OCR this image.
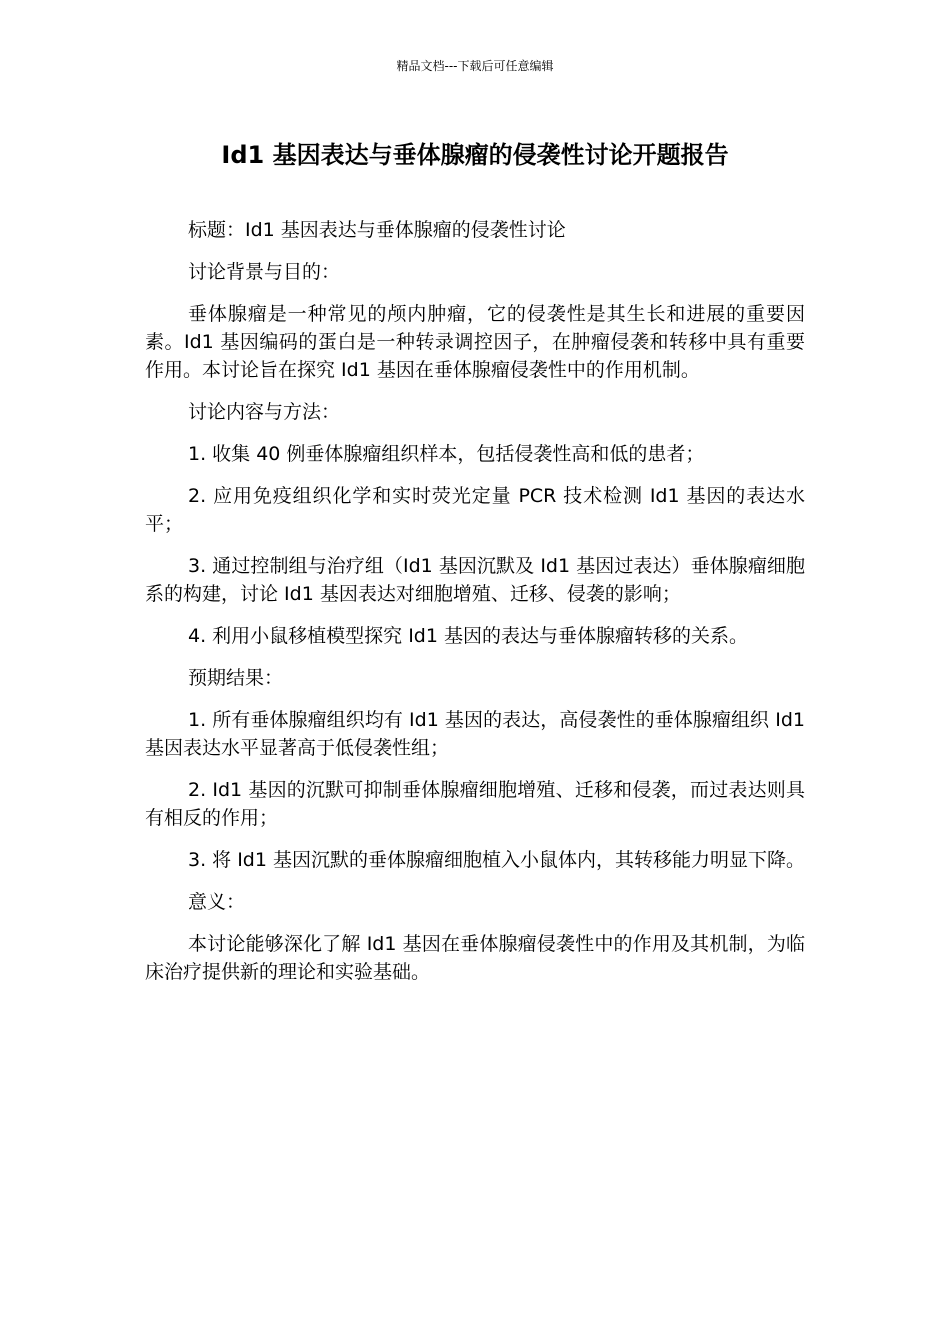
精品文档---下载后可任意编辑
Id1 基因表达与垂体腺瘤的侵袭性讨论开题报告

标题：Id1 基因表达与垂体腺瘤的侵袭性讨论

讨论背景与目的：

垂体腺瘤是一种常见的颅内肿瘤，它的侵袭性是其生长和进展的重要因素。Id1 基因编码的蛋白是一种转录调控因子，在肿瘤侵袭和转移中具有重要作用。本讨论旨在探究 Id1 基因在垂体腺瘤侵袭性中的作用机制。

讨论内容与方法：

1. 收集 40 例垂体腺瘤组织样本，包括侵袭性高和低的患者；

2. 应用免疫组织化学和实时荧光定量 PCR 技术检测 Id1 基因的表达水平；

3. 通过控制组与治疗组（Id1 基因沉默及 Id1 基因过表达）垂体腺瘤细胞系的构建，讨论 Id1 基因表达对细胞增殖、迁移、侵袭的影响；

4. 利用小鼠移植模型探究 Id1 基因的表达与垂体腺瘤转移的关系。

预期结果：

1. 所有垂体腺瘤组织均有 Id1 基因的表达，高侵袭性的垂体腺瘤组织 Id1 基因表达水平显著高于低侵袭性组；

2. Id1 基因的沉默可抑制垂体腺瘤细胞增殖、迁移和侵袭，而过表达则具有相反的作用；

3. 将 Id1 基因沉默的垂体腺瘤细胞植入小鼠体内，其转移能力明显下降。

意义：

本讨论能够深化了解 Id1 基因在垂体腺瘤侵袭性中的作用及其机制，为临床治疗提供新的理论和实验基础。
